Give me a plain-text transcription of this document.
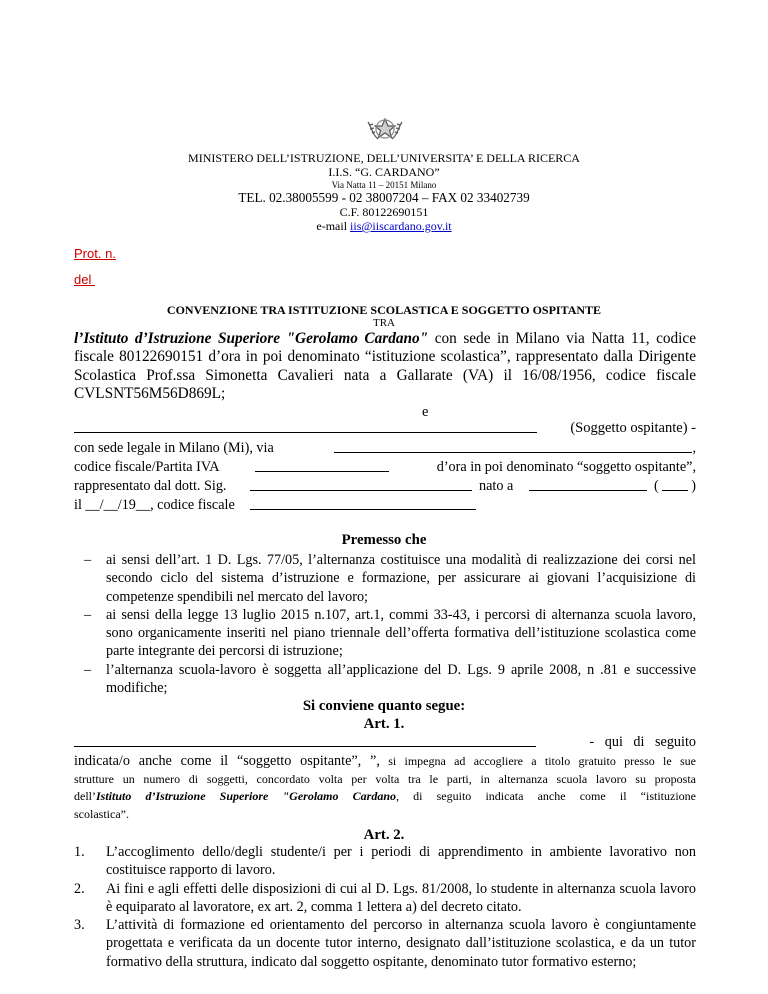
MINISTERO DELL’ISTRUZIONE, DELL’UNIVERSITA’ E DELLA RICERCA
I.I.S. “G. CARDANO”
Via Natta 11 – 20151 Milano
TEL. 02.38005599 - 02 38007204 – FAX 02 33402739
C.F. 80122690151
e-mail iis@iiscardano.gov.it
Prot. n.
del
CONVENZIONE TRA ISTITUZIONE SCOLASTICA E SOGGETTO OSPITANTE
TRA
l’Istituto d’Istruzione Superiore "Gerolamo Cardano" con sede in Milano via Natta 11, codice
fiscale 80122690151 d’ora in poi denominato “istituzione scolastica”, rappresentato dalla Dirigente
Scolastica Prof.ssa Simonetta Cavalieri nata a Gallarate (VA) il 16/08/1956, codice fiscale
CVLSNT56M56D869L;
e
(Soggetto ospitante) -
con sede legale in Milano (Mi), via	,
codice fiscale/Partita IVA	d’ora in poi denominato “soggetto ospitante”,
rappresentato dal dott. Sig.	nato a	( )
il __/__/19__, codice fiscale
Premesso che
– ai sensi dell’art. 1 D. Lgs. 77/05, l’alternanza costituisce una modalità di realizzazione dei corsi nel secondo ciclo del sistema d’istruzione e formazione, per assicurare ai giovani l’acquisizione di competenze spendibili nel mercato del lavoro;
– ai sensi della legge 13 luglio 2015 n.107, art.1, commi 33-43, i percorsi di alternanza scuola lavoro, sono organicamente inseriti nel piano triennale dell’offerta formativa dell’istituzione scolastica come parte integrante dei percorsi di istruzione;
– l’alternanza scuola-lavoro è soggetta all’applicazione del D. Lgs. 9 aprile 2008, n .81 e successive modifiche;
Si conviene quanto segue:
Art. 1.
- qui di seguito
indicata/o anche come il “soggetto ospitante”, ”, si impegna ad accogliere a titolo gratuito presso le sue
strutture un numero di soggetti, concordato volta per volta tra le parti, in alternanza scuola lavoro su proposta
dell’Istituto d’Istruzione Superiore "Gerolamo Cardano, di seguito indicata anche come il “istituzione
scolastica”.
Art. 2.
1. L’accoglimento dello/degli studente/i per i periodi di apprendimento in ambiente lavorativo non costituisce rapporto di lavoro.
2. Ai fini e agli effetti delle disposizioni di cui al D. Lgs. 81/2008, lo studente in alternanza scuola lavoro è equiparato al lavoratore, ex art. 2, comma 1 lettera a) del decreto citato.
3. L’attività di formazione ed orientamento del percorso in alternanza scuola lavoro è congiuntamente progettata e verificata da un docente tutor interno, designato dall’istituzione scolastica, e da un tutor formativo della struttura, indicato dal soggetto ospitante, denominato tutor formativo esterno;
